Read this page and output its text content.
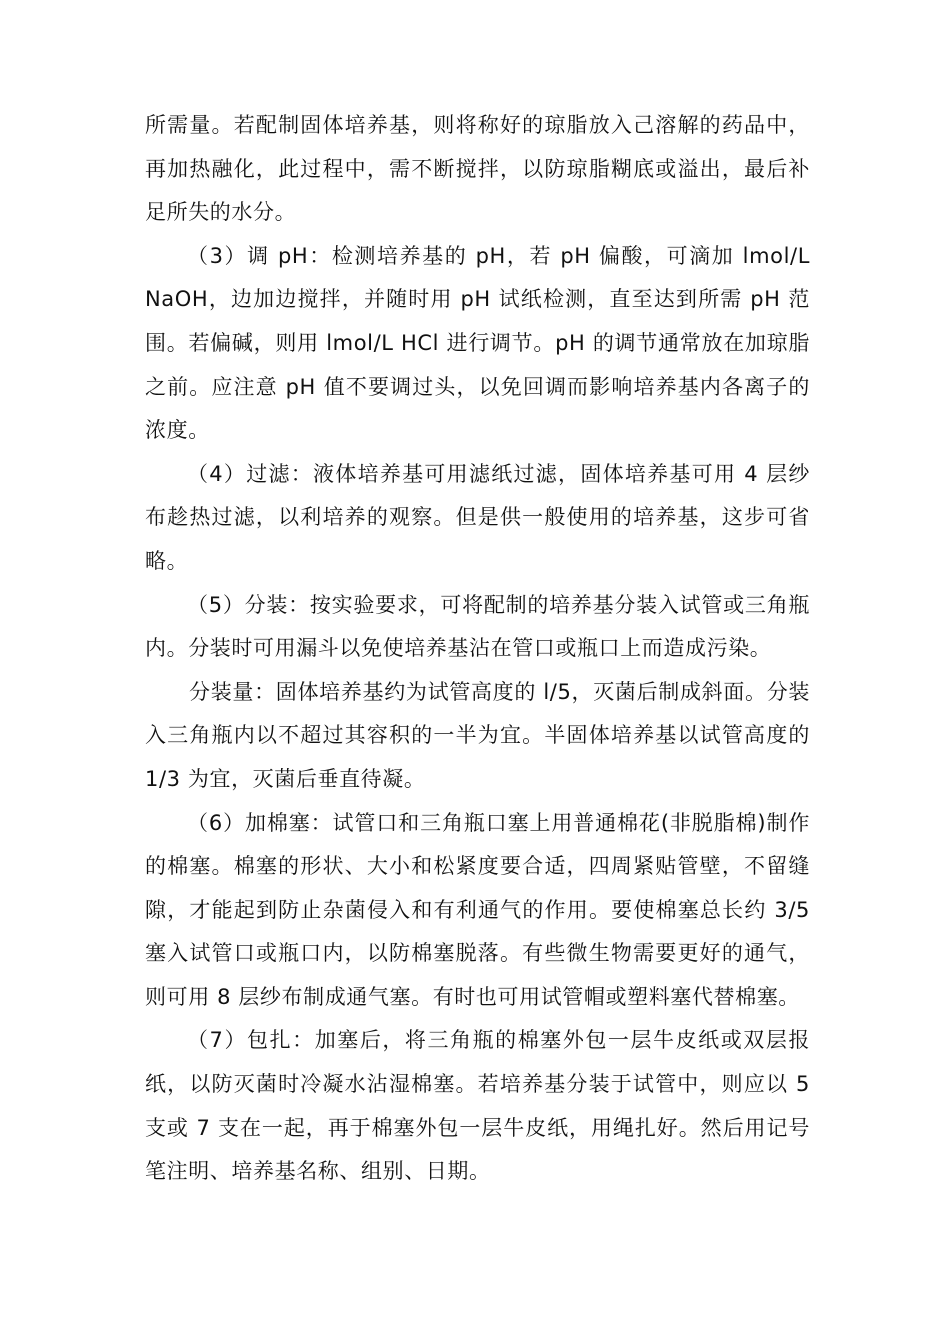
所需量。若配制固体培养基，则将称好的琼脂放入己溶解的药品中，再加热融化，此过程中，需不断搅拌，以防琼脂糊底或溢出，最后补足所失的水分。

（3）调 pH：检测培养基的 pH，若 pH 偏酸，可滴加 lmol/L NaOH，边加边搅拌，并随时用 pH 试纸检测，直至达到所需 pH 范围。若偏碱，则用 lmol/L HCl 进行调节。pH 的调节通常放在加琼脂之前。应注意 pH 值不要调过头，以免回调而影响培养基内各离子的浓度。

（4）过滤：液体培养基可用滤纸过滤，固体培养基可用 4 层纱布趁热过滤，以利培养的观察。但是供一般使用的培养基，这步可省略。

（5）分装：按实验要求，可将配制的培养基分装入试管或三角瓶内。分装时可用漏斗以免使培养基沾在管口或瓶口上而造成污染。

分装量：固体培养基约为试管高度的 l/5，灭菌后制成斜面。分装入三角瓶内以不超过其容积的一半为宜。半固体培养基以试管高度的 1/3 为宜，灭菌后垂直待凝。

（6）加棉塞：试管口和三角瓶口塞上用普通棉花(非脱脂棉)制作的棉塞。棉塞的形状、大小和松紧度要合适，四周紧贴管壁，不留缝隙，才能起到防止杂菌侵入和有利通气的作用。要使棉塞总长约 3/5 塞入试管口或瓶口内，以防棉塞脱落。有些微生物需要更好的通气，则可用 8 层纱布制成通气塞。有时也可用试管帽或塑料塞代替棉塞。

（7）包扎：加塞后，将三角瓶的棉塞外包一层牛皮纸或双层报纸，以防灭菌时冷凝水沾湿棉塞。若培养基分装于试管中，则应以 5 支或 7 支在一起，再于棉塞外包一层牛皮纸，用绳扎好。然后用记号笔注明、培养基名称、组别、日期。
